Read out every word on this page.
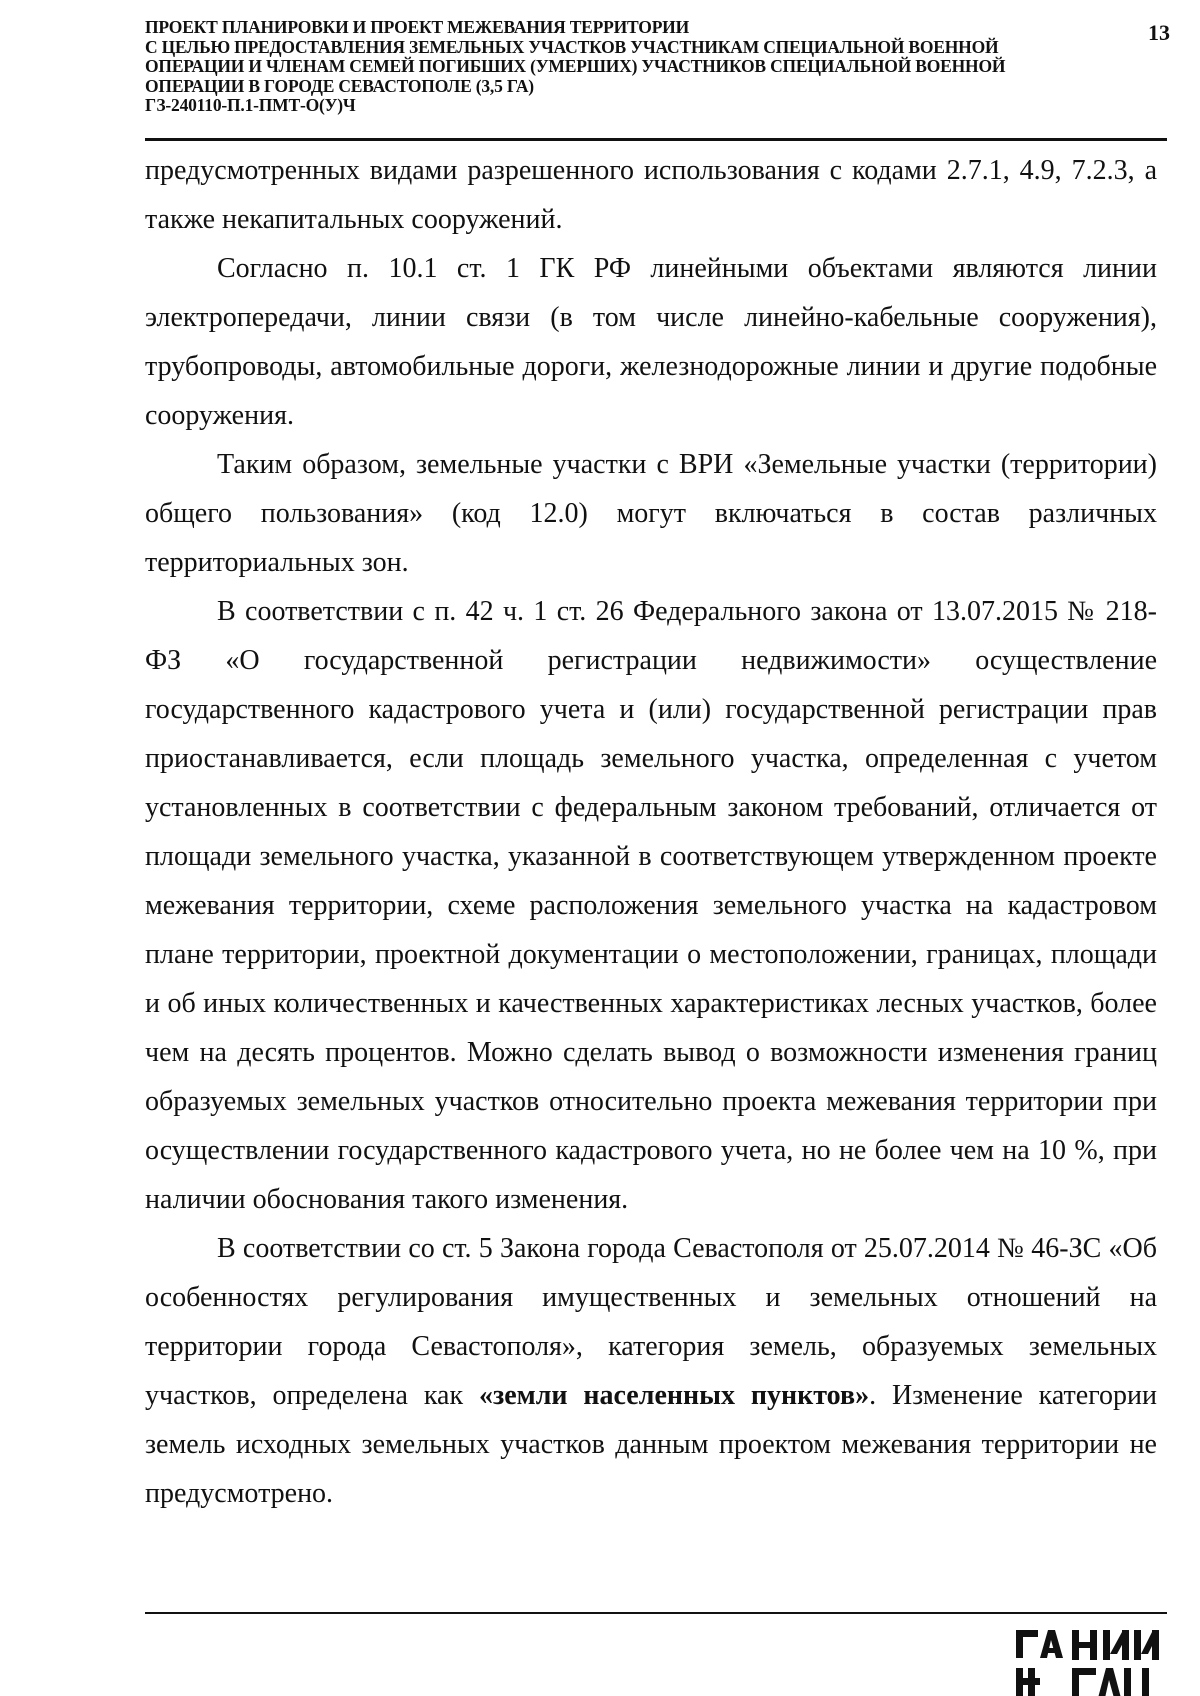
ПРОЕКТ ПЛАНИРОВКИ И ПРОЕКТ МЕЖЕВАНИЯ ТЕРРИТОРИИ
С ЦЕЛЬЮ ПРЕДОСТАВЛЕНИЯ ЗЕМЕЛЬНЫХ УЧАСТКОВ УЧАСТНИКАМ СПЕЦИАЛЬНОЙ ВОЕННОЙ
ОПЕРАЦИИ И ЧЛЕНАМ СЕМЕЙ ПОГИБШИХ (УМЕРШИХ) УЧАСТНИКОВ СПЕЦИАЛЬНОЙ ВОЕННОЙ
ОПЕРАЦИИ В ГОРОДЕ СЕВАСТОПОЛЕ (3,5 ГА)
ГЗ-240110-П.1-ПМТ-О(У)Ч
13

предусмотренных видами разрешенного использования с кодами 2.7.1, 4.9, 7.2.3, а также некапитальных сооружений.

Согласно п. 10.1 ст. 1 ГК РФ линейными объектами являются линии электропередачи, линии связи (в том числе линейно-кабельные сооружения), трубопроводы, автомобильные дороги, железнодорожные линии и другие подобные сооружения.

Таким образом, земельные участки с ВРИ «Земельные участки (территории) общего пользования» (код 12.0) могут включаться в состав различных территориальных зон.

В соответствии с п. 42 ч. 1 ст. 26 Федерального закона от 13.07.2015 № 218-ФЗ «О государственной регистрации недвижимости» осуществление государственного кадастрового учета и (или) государственной регистрации прав приостанавливается, если площадь земельного участка, определенная с учетом установленных в соответствии с федеральным законом требований, отличается от площади земельного участка, указанной в соответствующем утвержденном проекте межевания территории, схеме расположения земельного участка на кадастровом плане территории, проектной документации о местоположении, границах, площади и об иных количественных и качественных характеристиках лесных участков, более чем на десять процентов. Можно сделать вывод о возможности изменения границ образуемых земельных участков относительно проекта межевания территории при осуществлении государственного кадастрового учета, но не более чем на 10 %, при наличии обоснования такого изменения.

В соответствии со ст. 5 Закона города Севастополя от 25.07.2014 № 46-ЗС «Об особенностях регулирования имущественных и земельных отношений на территории города Севастополя», категория земель, образуемых земельных участков, определена как «земли населенных пунктов». Изменение категории земель исходных земельных участков данным проектом межевания территории не предусмотрено.
